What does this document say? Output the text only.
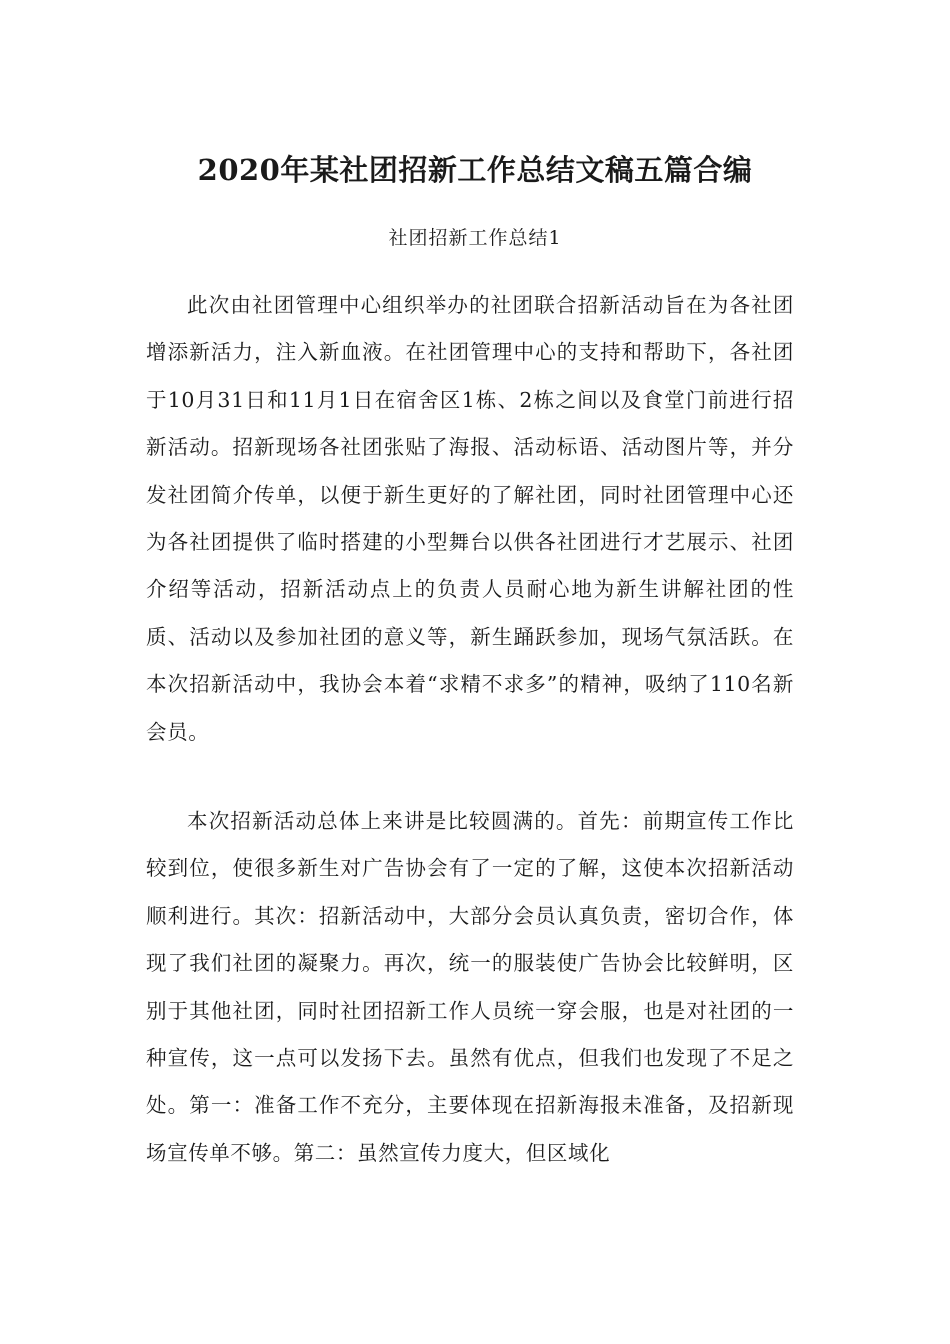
2020年某社团招新工作总结文稿五篇合编
社团招新工作总结1

此次由社团管理中心组织举办的社团联合招新活动旨在为各社团增添新活力，注入新血液。在社团管理中心的支持和帮助下，各社团于10月31日和11月1日在宿舍区1栋、2栋之间以及食堂门前进行招新活动。招新现场各社团张贴了海报、活动标语、活动图片等，并分发社团简介传单，以便于新生更好的了解社团，同时社团管理中心还为各社团提供了临时搭建的小型舞台以供各社团进行才艺展示、社团介绍等活动，招新活动点上的负责人员耐心地为新生讲解社团的性质、活动以及参加社团的意义等，新生踊跃参加，现场气氛活跃。在本次招新活动中，我协会本着“求精不求多”的精神，吸纳了110名新会员。

本次招新活动总体上来讲是比较圆满的。首先：前期宣传工作比较到位，使很多新生对广告协会有了一定的了解，这使本次招新活动顺利进行。其次：招新活动中，大部分会员认真负责，密切合作，体现了我们社团的凝聚力。再次，统一的服装使广告协会比较鲜明，区别于其他社团，同时社团招新工作人员统一穿会服，也是对社团的一种宣传，这一点可以发扬下去。虽然有优点，但我们也发现了不足之处。第一：准备工作不充分，主要体现在招新海报未准备，及招新现场宣传单不够。第二：虽然宣传力度大，但区域化
